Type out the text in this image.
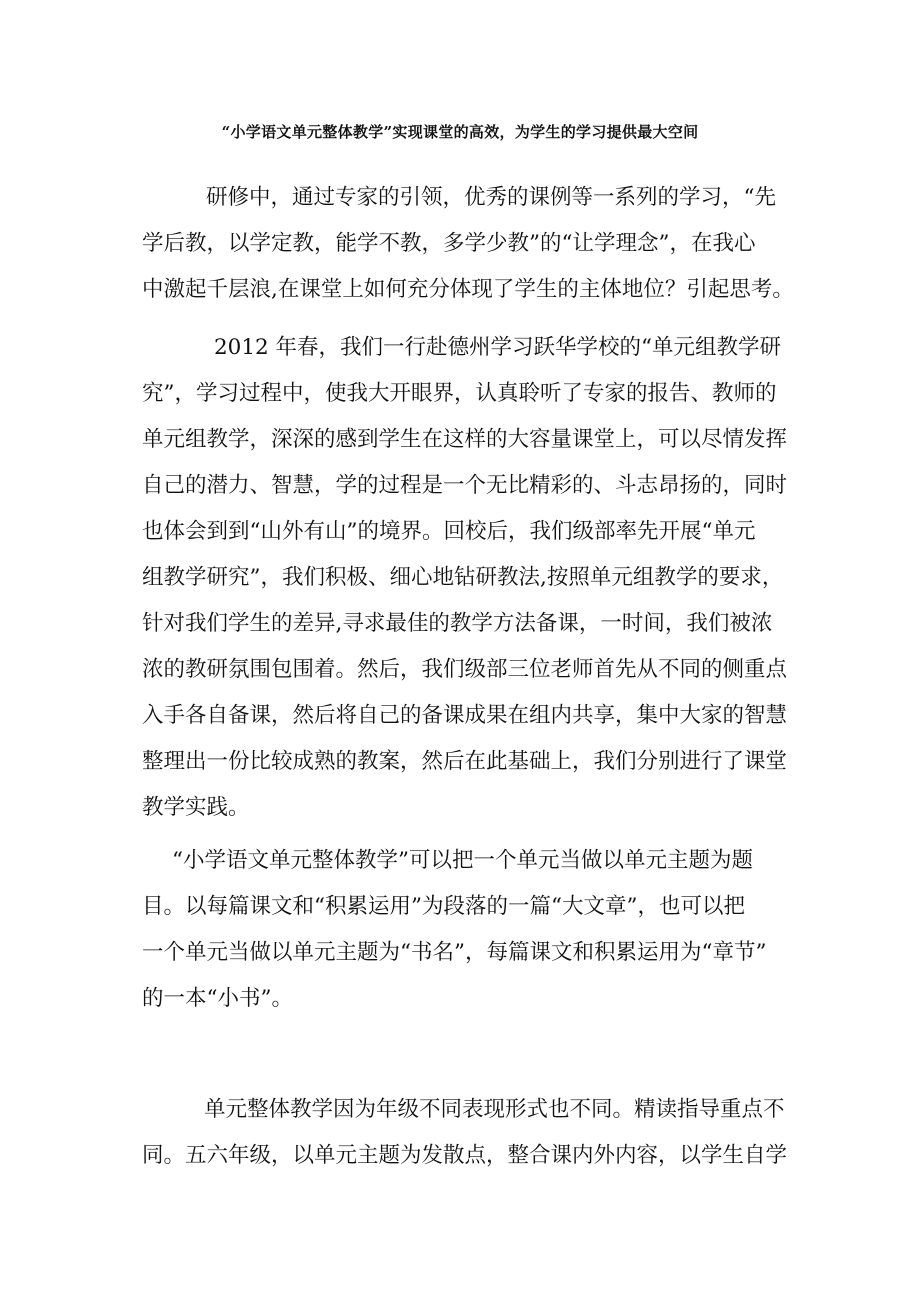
“小学语文单元整体教学”实现课堂的高效，为学生的学习提供最大空间
研修中，通过专家的引领，优秀的课例等一系列的学习，“先
学后教，以学定教，能学不教，多学少教”的“让学理念”，在我心
中激起千层浪,在课堂上如何充分体现了学生的主体地位？引起思考。
2012 年春，我们一行赴德州学习跃华学校的“单元组教学研
究”，学习过程中，使我大开眼界，认真聆听了专家的报告、教师的
单元组教学，深深的感到学生在这样的大容量课堂上，可以尽情发挥
自己的潜力、智慧，学的过程是一个无比精彩的、斗志昂扬的，同时
也体会到到“山外有山”的境界。回校后，我们级部率先开展“单元
组教学研究”，我们积极、细心地钻研教法,按照单元组教学的要求，
针对我们学生的差异,寻求最佳的教学方法备课，一时间，我们被浓
浓的教研氛围包围着。然后，我们级部三位老师首先从不同的侧重点
入手各自备课，然后将自己的备课成果在组内共享，集中大家的智慧
整理出一份比较成熟的教案，然后在此基础上，我们分别进行了课堂
教学实践。
“小学语文单元整体教学”可以把一个单元当做以单元主题为题
目。以每篇课文和“积累运用”为段落的一篇“大文章”，也可以把
一个单元当做以单元主题为“书名”，每篇课文和积累运用为“章节”
的一本“小书”。
单元整体教学因为年级不同表现形式也不同。精读指导重点不
同。五六年级，以单元主题为发散点，整合课内外内容，以学生自学
